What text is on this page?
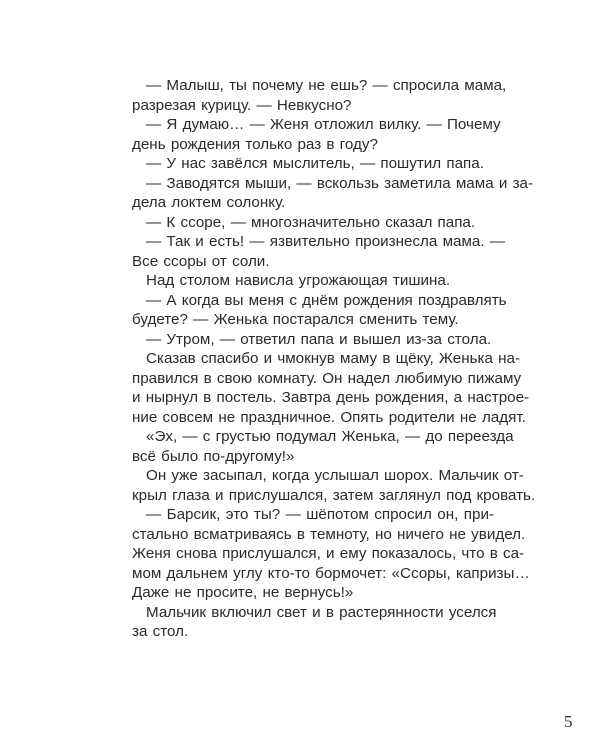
— Малыш, ты почему не ешь? — спросила мама,
разрезая курицу. — Невкусно?

— Я думаю… — Женя отложил вилку. — Почему
день рождения только раз в году?

— У нас завёлся мыслитель, — пошутил папа.

— Заводятся мыши, — вскользь заметила мама и за-
дела локтем солонку.

— К ссоре, — многозначительно сказал папа.

— Так и есть! — язвительно произнесла мама. —
Все ссоры от соли.

Над столом нависла угрожающая тишина.

— А когда вы меня с днём рождения поздравлять
будете? — Женька постарался сменить тему.

— Утром, — ответил папа и вышел из-за стола.

Сказав спасибо и чмокнув маму в щёку, Женька на-
правился в свою комнату. Он надел любимую пижаму
и нырнул в постель. Завтра день рождения, а настрое-
ние совсем не праздничное. Опять родители не ладят.

«Эх, — с грустью подумал Женька, — до переезда
всё было по-другому!»

Он уже засыпал, когда услышал шорох. Мальчик от-
крыл глаза и прислушался, затем заглянул под кровать.

— Барсик, это ты? — шёпотом спросил он, при-
стально всматриваясь в темноту, но ничего не увидел.
Женя снова прислушался, и ему показалось, что в са-
мом дальнем углу кто-то бормочет: «Ссоры, капризы…
Даже не просите, не вернусь!»

Мальчик включил свет и в растерянности уселся
за стол.

5
